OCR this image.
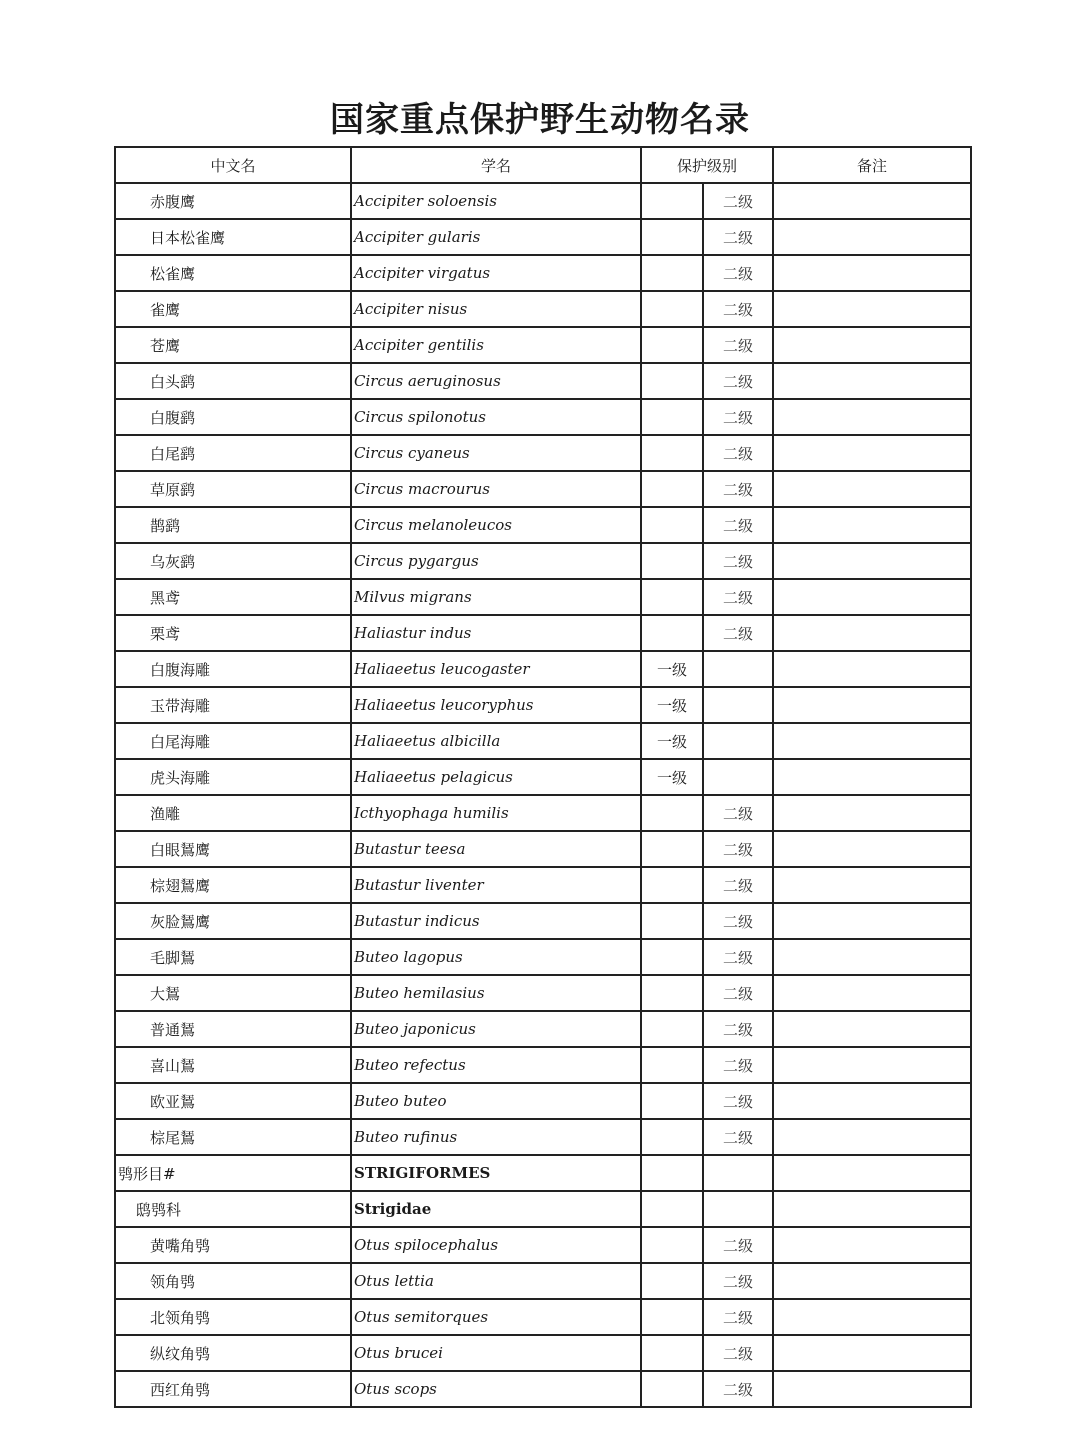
国家重点保护野生动物名录
中文名	学名	保护级别		备注
赤腹鹰	Accipiter soloensis		二级	
日本松雀鹰	Accipiter gularis		二级	
松雀鹰	Accipiter virgatus		二级	
雀鹰	Accipiter nisus		二级	
苍鹰	Accipiter gentilis		二级	
白头鹞	Circus aeruginosus		二级	
白腹鹞	Circus spilonotus		二级	
白尾鹞	Circus cyaneus		二级	
草原鹞	Circus macrourus		二级	
鹊鹞	Circus melanoleucos		二级	
乌灰鹞	Circus pygargus		二级	
黑鸢	Milvus migrans		二级	
栗鸢	Haliastur indus		二级	
白腹海雕	Haliaeetus leucogaster	一级		
玉带海雕	Haliaeetus leucoryphus	一级		
白尾海雕	Haliaeetus albicilla	一级		
虎头海雕	Haliaeetus pelagicus	一级		
渔雕	Icthyophaga humilis		二级	
白眼鵟鹰	Butastur teesa		二级	
棕翅鵟鹰	Butastur liventer		二级	
灰脸鵟鹰	Butastur indicus		二级	
毛脚鵟	Buteo lagopus		二级	
大鵟	Buteo hemilasius		二级	
普通鵟	Buteo japonicus		二级	
喜山鵟	Buteo refectus		二级	
欧亚鵟	Buteo buteo		二级	
棕尾鵟	Buteo rufinus		二级	
鸮形目#	STRIGIFORMES			
鸱鸮科	Strigidae			
黄嘴角鸮	Otus spilocephalus		二级	
领角鸮	Otus lettia		二级	
北领角鸮	Otus semitorques		二级	
纵纹角鸮	Otus brucei		二级	
西红角鸮	Otus scops		二级	
